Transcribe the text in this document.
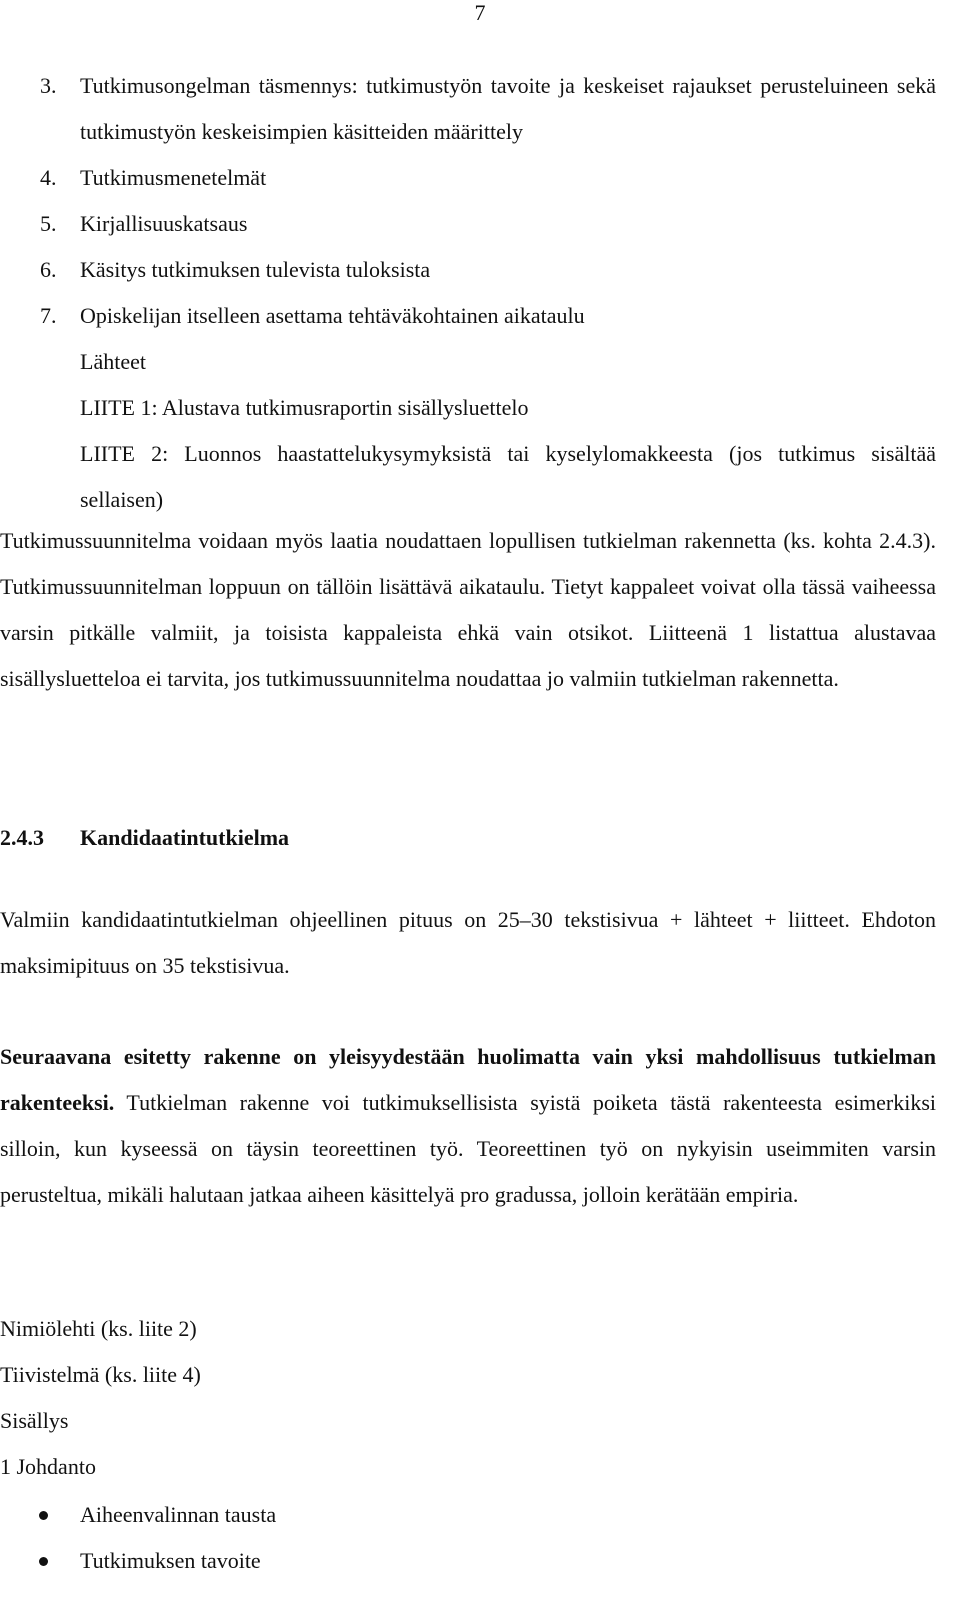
7
3.	Tutkimusongelman täsmennys: tutkimustyön tavoite ja keskeiset rajaukset perusteluineen sekä tutkimustyön keskeisimpien käsitteiden määrittely
4.	Tutkimusmenetelmät
5.	Kirjallisuuskatsaus
6.	Käsitys tutkimuksen tulevista tuloksista
7.	Opiskelijan itselleen asettama tehtäväkohtainen aikataulu
Lähteet
LIITE 1: Alustava tutkimusraportin sisällysluettelo
LIITE 2: Luonnos haastattelukysymyksistä tai kyselylomakkeesta (jos tutkimus sisältää sellaisen)
Tutkimussuunnitelma voidaan myös laatia noudattaen lopullisen tutkielman rakennetta (ks. kohta 2.4.3). Tutkimussuunnitelman loppuun on tällöin lisättävä aikataulu. Tietyt kappaleet voivat olla tässä vaiheessa varsin pitkälle valmiit, ja toisista kappaleista ehkä vain otsikot. Liitteenä 1 listattua alustavaa sisällysluetteloa ei tarvita, jos tutkimussuunnitelma noudattaa jo valmiin tutkielman rakennetta.
2.4.3 Kandidaatintutkielma
Valmiin kandidaatintutkielman ohjeellinen pituus on 25–30 tekstisivua + lähteet + liitteet. Ehdoton maksimipituus on 35 tekstisivua.
Seuraavana esitetty rakenne on yleisyydestään huolimatta vain yksi mahdollisuus tutkielman rakenteeksi. Tutkielman rakenne voi tutkimuksellisista syistä poiketa tästä rakenteesta esimerkiksi silloin, kun kyseessä on täysin teoreettinen työ. Teoreettinen työ on nykyisin useimmiten varsin perusteltua, mikäli halutaan jatkaa aiheen käsittelyä pro gradussa, jolloin kerätään empiria.
Nimiölehti (ks. liite 2)
Tiivistelmä (ks. liite 4)
Sisällys
1 Johdanto
Aiheenvalinnan tausta
Tutkimuksen tavoite
